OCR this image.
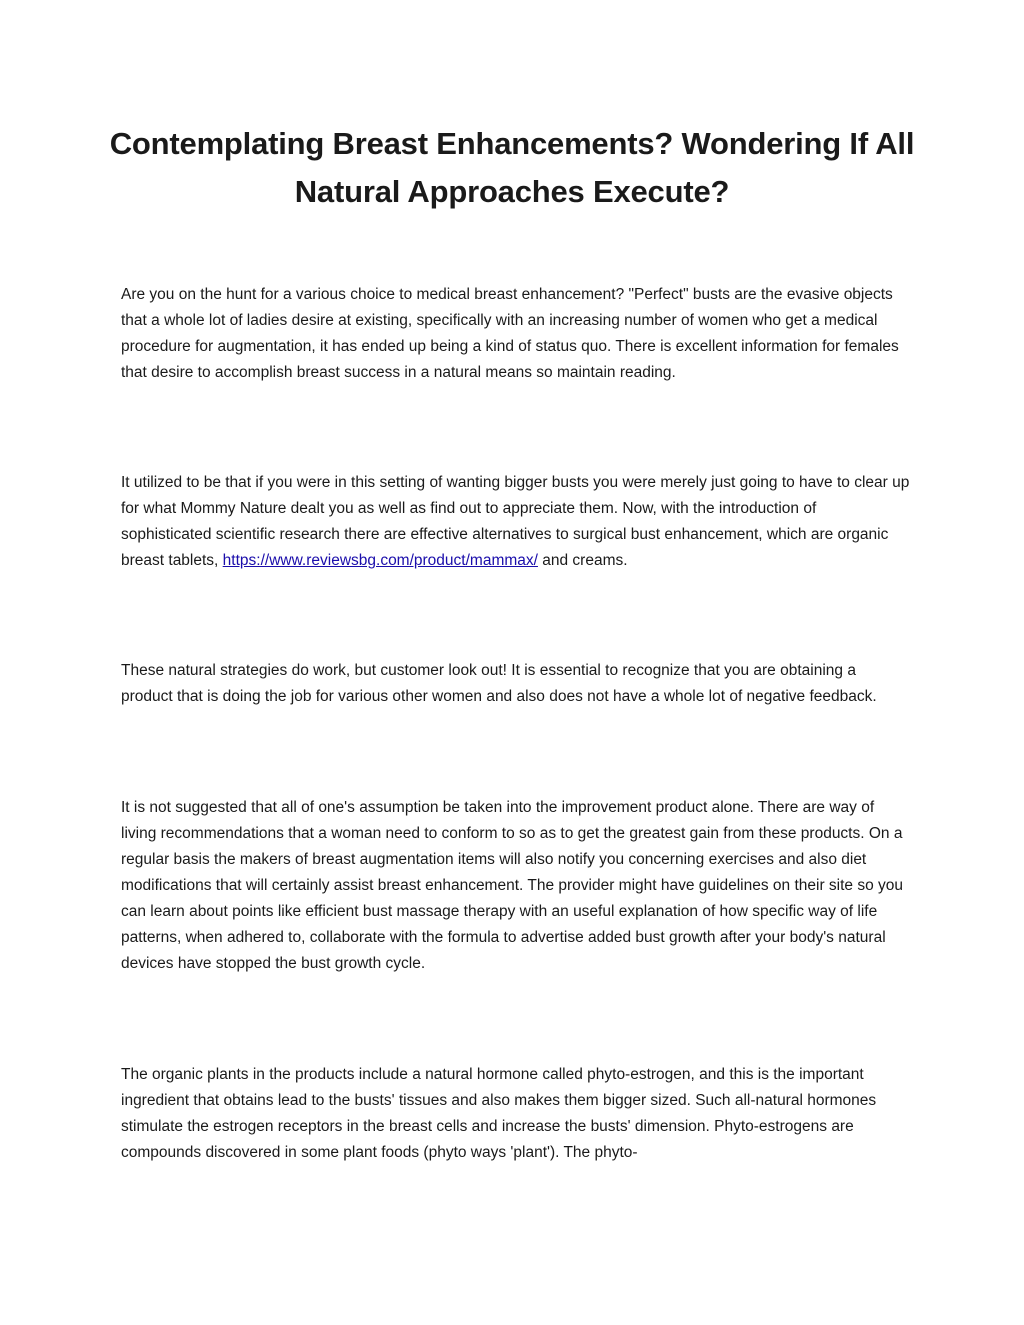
Contemplating Breast Enhancements? Wondering If All Natural Approaches Execute?

Are you on the hunt for a various choice to medical breast enhancement? "Perfect" busts are the evasive objects that a whole lot of ladies desire at existing, specifically with an increasing number of women who get a medical procedure for augmentation, it has ended up being a kind of status quo. There is excellent information for females that desire to accomplish breast success in a natural means so maintain reading.

It utilized to be that if you were in this setting of wanting bigger busts you were merely just going to have to clear up for what Mommy Nature dealt you as well as find out to appreciate them. Now, with the introduction of sophisticated scientific research there are effective alternatives to surgical bust enhancement, which are organic breast tablets, https://www.reviewsbg.com/product/mammax/ and creams.

These natural strategies do work, but customer look out! It is essential to recognize that you are obtaining a product that is doing the job for various other women and also does not have a whole lot of negative feedback.

It is not suggested that all of one's assumption be taken into the improvement product alone. There are way of living recommendations that a woman need to conform to so as to get the greatest gain from these products. On a regular basis the makers of breast augmentation items will also notify you concerning exercises and also diet modifications that will certainly assist breast enhancement. The provider might have guidelines on their site so you can learn about points like efficient bust massage therapy with an useful explanation of how specific way of life patterns, when adhered to, collaborate with the formula to advertise added bust growth after your body's natural devices have stopped the bust growth cycle.

The organic plants in the products include a natural hormone called phyto-estrogen, and this is the important ingredient that obtains lead to the busts' tissues and also makes them bigger sized. Such all-natural hormones stimulate the estrogen receptors in the breast cells and increase the busts' dimension. Phyto-estrogens are compounds discovered in some plant foods (phyto ways 'plant'). The phyto-
